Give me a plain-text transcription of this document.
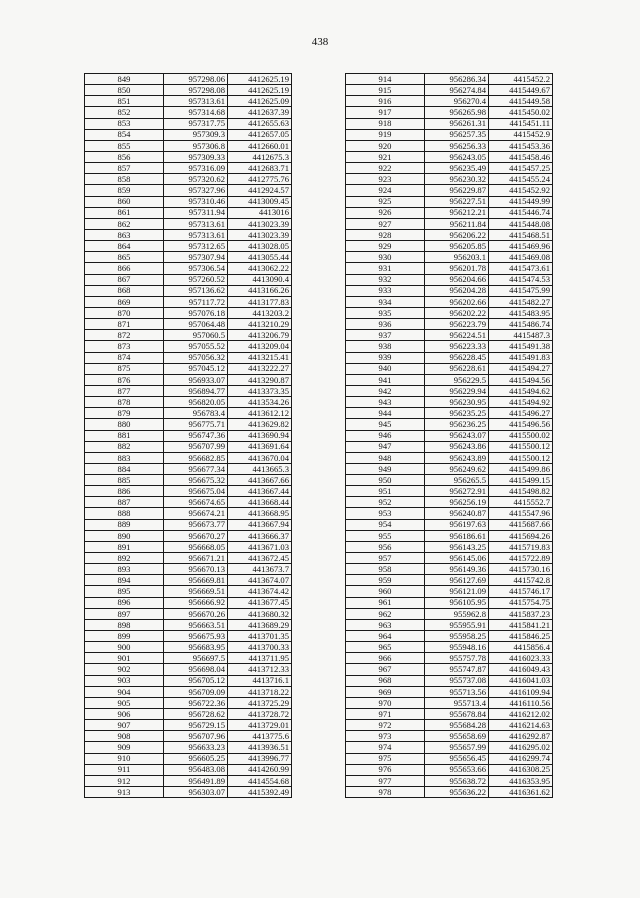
438
849	957298.06	4412625.19
850	957298.08	4412625.19
851	957313.61	4412625.09
852	957314.68	4412637.39
853	957317.75	4412655.63
854	957309.3	4412657.05
855	957306.8	4412660.01
856	957309.33	4412675.3
857	957316.09	4412683.71
858	957320.62	4412775.76
859	957327.96	4412924.57
860	957310.46	4413009.45
861	957311.94	4413016
862	957313.61	4413023.39
863	957313.61	4413023.39
864	957312.65	4413028.05
865	957307.94	4413055.44
866	957306.54	4413062.22
867	957260.52	4413090.4
868	957136.62	4413166.26
869	957117.72	4413177.83
870	957076.18	4413203.2
871	957064.48	4413210.29
872	957060.5	4413206.79
873	957055.52	4413209.04
874	957056.32	4413215.41
875	957045.12	4413222.27
876	956933.07	4413290.87
877	956894.77	4413373.35
878	956820.05	4413534.26
879	956783.4	4413612.12
880	956775.71	4413629.82
881	956747.36	4413690.94
882	956707.99	4413691.64
883	956682.85	4413670.04
884	956677.34	4413665.3
885	956675.32	4413667.66
886	956675.04	4413667.44
887	956674.65	4413668.44
888	956674.21	4413668.95
889	956673.77	4413667.94
890	956670.27	4413666.37
891	956668.05	4413671.03
892	956671.21	4413672.45
893	956670.13	4413673.7
894	956669.81	4413674.07
895	956669.51	4413674.42
896	956666.92	4413677.45
897	956670.26	4413680.32
898	956663.51	4413689.29
899	956675.93	4413701.35
900	956683.95	4413700.33
901	956697.5	4413711.95
902	956698.04	4413712.33
903	956705.12	4413716.1
904	956709.09	4413718.22
905	956722.36	4413725.29
906	956728.62	4413728.72
907	956729.15	4413729.01
908	956707.96	4413775.6
909	956633.23	4413936.51
910	956605.25	4413996.77
911	956483.08	4414260.99
912	956491.89	4414554.68
913	956303.07	4415392.49
914	956286.34	4415452.2
915	956274.84	4415449.67
916	956270.4	4415449.58
917	956265.98	4415450.02
918	956261.31	4415451.11
919	956257.35	4415452.9
920	956256.33	4415453.36
921	956243.05	4415458.46
922	956235.49	4415457.25
923	956230.32	4415455.24
924	956229.87	4415452.92
925	956227.51	4415449.99
926	956212.21	4415446.74
927	956211.84	4415448.08
928	956206.22	4415468.51
929	956205.85	4415469.96
930	956203.1	4415469.08
931	956201.78	4415473.61
932	956204.66	4415474.53
933	956204.28	4415475.99
934	956202.66	4415482.27
935	956202.22	4415483.95
936	956223.79	4415486.74
937	956224.51	4415487.3
938	956223.33	4415491.38
939	956228.45	4415491.83
940	956228.61	4415494.27
941	956229.5	4415494.56
942	956229.94	4415494.62
943	956230.95	4415494.92
944	956235.25	4415496.27
945	956236.25	4415496.56
946	956243.07	4415500.02
947	956243.86	4415500.12
948	956243.89	4415500.12
949	956249.62	4415499.86
950	956265.5	4415499.15
951	956272.91	4415498.82
952	956256.19	4415552.7
953	956240.87	4415547.96
954	956197.63	4415687.66
955	956186.61	4415694.26
956	956143.25	4415719.83
957	956145.06	4415722.89
958	956149.36	4415730.16
959	956127.69	4415742.8
960	956121.09	4415746.17
961	956105.95	4415754.75
962	955962.8	4415837.23
963	955955.91	4415841.21
964	955958.25	4415846.25
965	955948.16	4415856.4
966	955757.78	4416023.33
967	955747.87	4416049.43
968	955737.08	4416041.03
969	955713.56	4416109.94
970	955713.4	4416110.56
971	955678.84	4416212.02
972	955684.28	4416214.63
973	955658.69	4416292.87
974	955657.99	4416295.02
975	955656.45	4416299.74
976	955653.66	4416308.25
977	955638.72	4416353.95
978	955636.22	4416361.62
